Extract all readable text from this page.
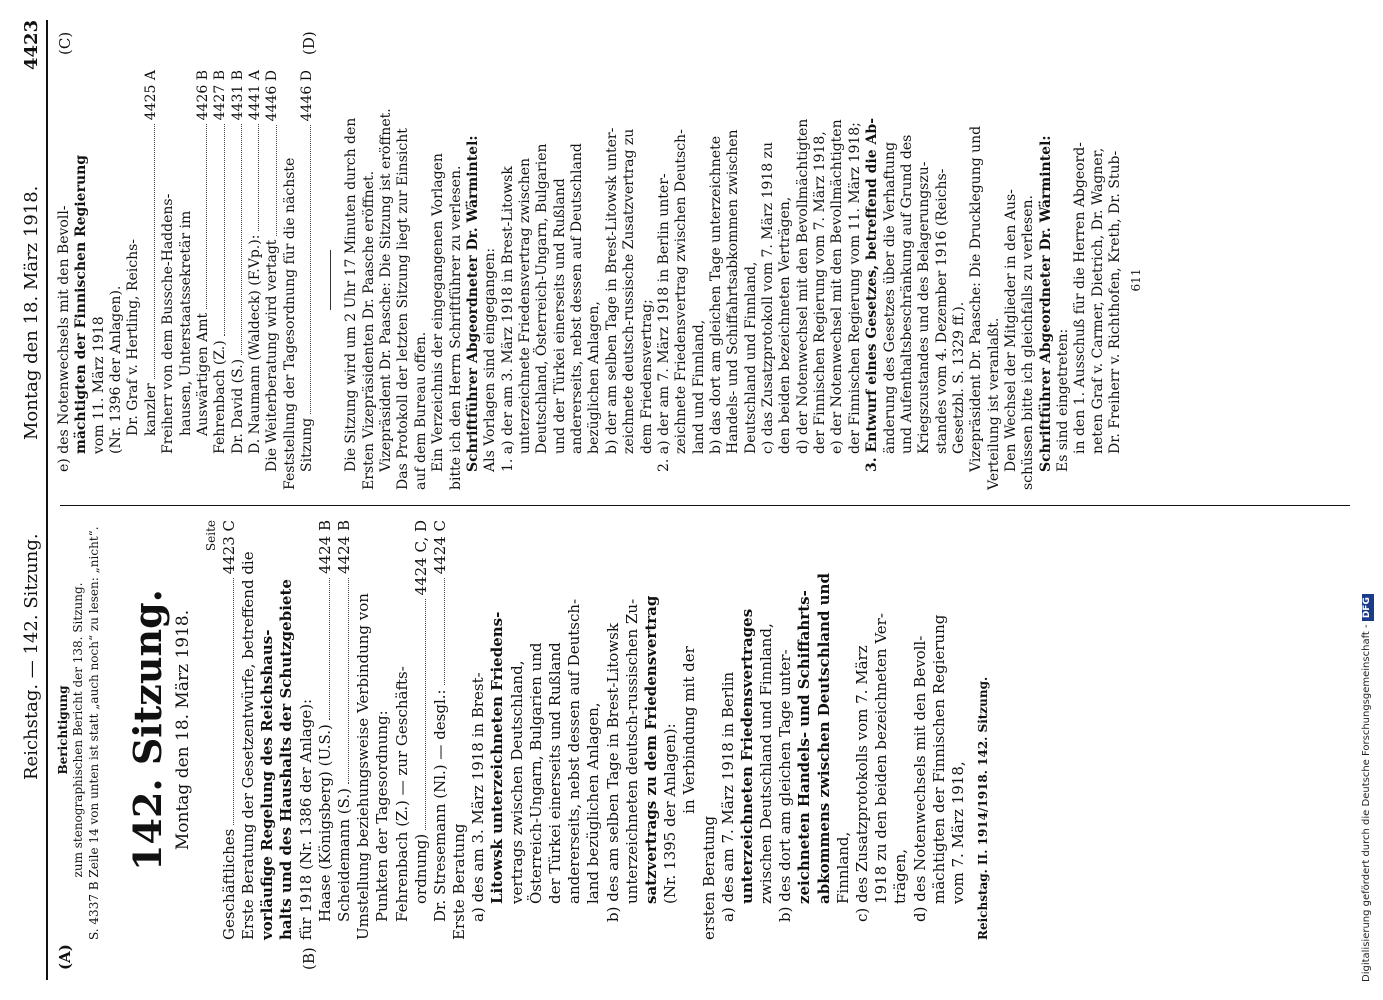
Reichstag. — 142. Sitzung.
Montag den 18. März 1918.
4423
(A)	(B)
(C)	(D)
Berichtigung zum stenographischen Bericht der 138. Sitzung. S. 4337 B Zeile 14 von unten ist statt „auch noch“ zu lesen: „nicht“. 142. Sitzung. Montag den 18. März 1918.
Seite
Geschäftliches
4423 C
Erste Beratung der Gesetzentwürfe, betreffend die vorläufige Regelung des Reichshaus- halts und des Haushalts der Schutzgebiete für 1918 (Nr. 1386 der Anlage): Haase (Königsberg) (U.S.)
4424 B
Scheidemann (S.)
4424 B
Umstellung beziehungsweise Verbindung von Punkten der Tagesordnung: Fehrenbach (Z.) — zur Geschäfts- ordnung)
4424 C, D
Dr. Stresemann (Nl.) — desgl.:
4424 C
Erste Beratung a) des am 3. März 1918 in Brest- Litowsk unterzeichneten Friedens- vertrags zwischen Deutschland, Österreich-Ungarn, Bulgarien und der Türkei einerseits und Rußland andererseits, nebst dessen auf Deutsch- land bezüglichen Anlagen, b) des am selben Tage in Brest-Litowsk unterzeichneten deutsch-russischen Zu- satzvertrags zu dem Friedensvertrag (Nr. 1395 der Anlagen): in Verbindung mit der
ersten Beratung a) des am 7. März 1918 in Berlin unterzeichneten Friedensvertrages zwischen Deutschland und Finnland, b) des dort am gleichen Tage unter- zeichneten Handels- und Schiffahrts- abkommens zwischen Deutschland und Finnland, c) des Zusatzprotokolls vom 7. März 1918 zu den beiden bezeichneten Ver- trägen, d) des Notenwechsels mit den Bevoll- mächtigten der Finnischen Regierung vom 7. März 1918, Reichstag. II. 1914/1918. 142. Sitzung.
e) des Notenwechsels mit den Bevoll- mächtigten der Finnischen Regierung vom 11. März 1918 (Nr. 1396 der Anlagen). Dr. Graf v. Hertling, Reichs- kanzler
4425 A
Freiherr von dem Bussche-Haddens- hausen, Unterstaatssekretär im Auswärtigen Amt
4426 B
Fehrenbach (Z.)
4427 B
Dr. David (S.)
4431 B
D. Naumann (Waldeck) (F.Vp.):
4441 A
Die Weiterberatung wird vertagt
4446 D
Feststellung der Tagesordnung für die nächste Sitzung
4446 D
Die Sitzung wird um 2 Uhr 17 Minuten durch den Ersten Vizepräsidenten Dr. Paasche eröffnet. Vizepräsident Dr. Paasche: Die Sitzung ist eröffnet. Das Protokoll der letzten Sitzung liegt zur Einsicht auf dem Bureau offen. Ein Verzeichnis der eingegangenen Vorlagen bitte ich den Herrn Schriftführer zu verlesen. Schriftführer Abgeordneter Dr. Wärmintel: Als Vorlagen sind eingegangen: 1. a) der am 3. März 1918 in Brest-Litowsk unterzeichnete Friedensvertrag zwischen Deutschland, Österreich-Ungarn, Bulgarien und der Türkei einerseits und Rußland andererseits, nebst dessen auf Deutschland bezüglichen Anlagen, b) der am selben Tage in Brest-Litowsk unter- zeichnete deutsch-russische Zusatzvertrag zu dem Friedensvertrag; 2. a) der am 7. März 1918 in Berlin unter- zeichnete Friedensvertrag zwischen Deutsch- land und Finnland, b) das dort am gleichen Tage unterzeichnete Handels- und Schiffahrtsabkommen zwischen Deutschland und Finnland, c) das Zusatzprotokoll vom 7. März 1918 zu den beiden bezeichneten Verträgen, d) der Notenwechsel mit den Bevollmächtigten der Finnischen Regierung vom 7. März 1918, e) der Notenwechsel mit den Bevollmächtigten der Finnischen Regierung vom 11. März 1918; 3. Entwurf eines Gesetzes, betreffend die Ab- änderung des Gesetzes über die Verhaftung und Aufenthaltsbeschränkung auf Grund des Kriegszustandes und des Belagerungszu- standes vom 4. Dezember 1916 (Reichs- Gesetzbl. S. 1329 ff.). Vizepräsident Dr. Paasche: Die Drucklegung und Verteilung ist veranlaßt. Den Wechsel der Mitglieder in den Aus- schüssen bitte ich gleichfalls zu verlesen. Schriftführer Abgeordneter Dr. Wärmintel: Es sind eingetreten: in den 1. Ausschuß für die Herren Abgeord- neten Graf v. Carmer, Dietrich, Dr. Wagner, Dr. Freiherr v. Richthofen, Kreth, Dr. Stub- 611
Digitalisierung gefördert durch die Deutsche Forschungsgemeinschaft - DFG
